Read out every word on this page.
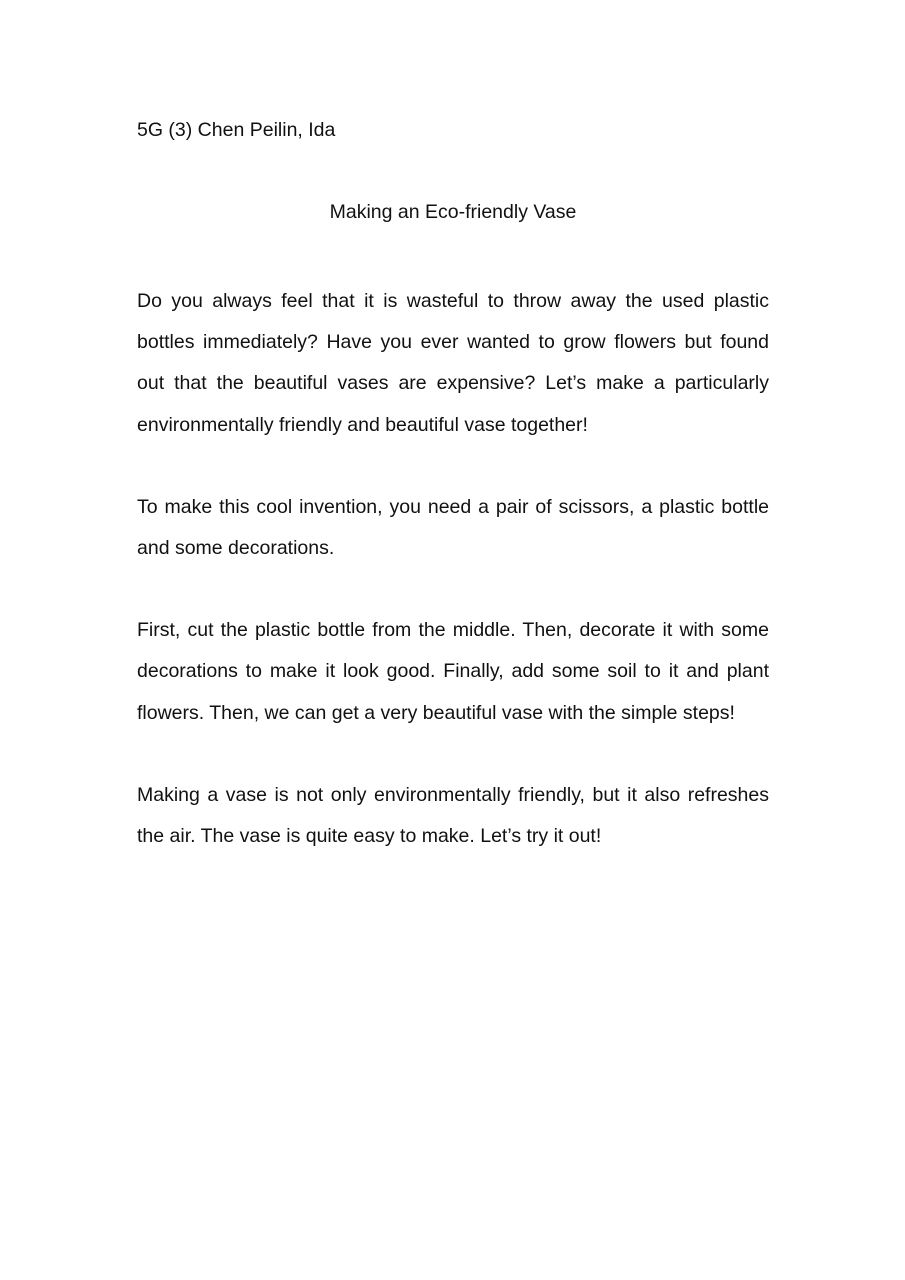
5G (3) Chen Peilin, Ida

Making an Eco-friendly Vase

Do you always feel that it is wasteful to throw away the used plastic bottles immediately? Have you ever wanted to grow flowers but found out that the beautiful vases are expensive? Let’s make a particularly environmentally friendly and beautiful vase together!

To make this cool invention, you need a pair of scissors, a plastic bottle and some decorations.

First, cut the plastic bottle from the middle. Then, decorate it with some decorations to make it look good. Finally, add some soil to it and plant flowers. Then, we can get a very beautiful vase with the simple steps!

Making a vase is not only environmentally friendly, but it also refreshes the air. The vase is quite easy to make. Let’s try it out!
